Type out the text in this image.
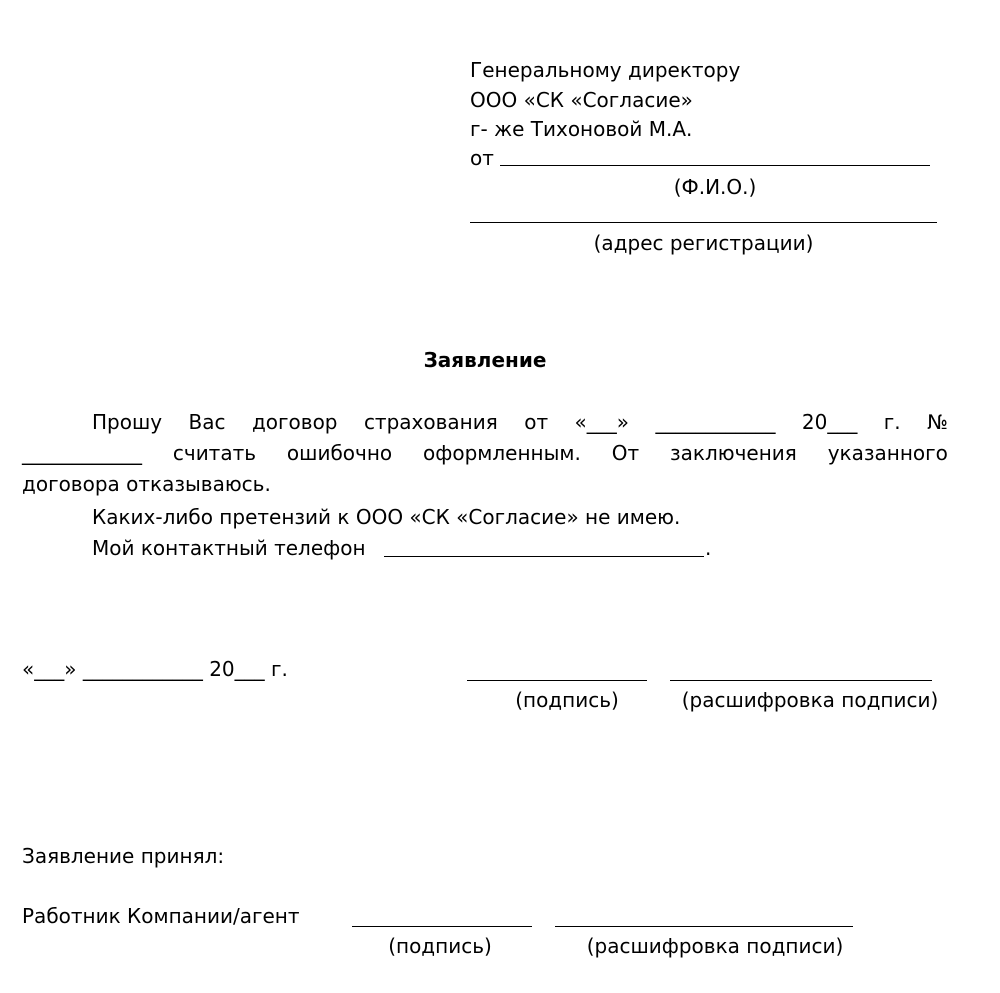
Генеральному директору
ООО «СК «Согласие»
г- же Тихоновой М.А.
от
(Ф.И.О.)
(адрес регистрации)
Заявление
Прошу Вас договор страхования от «___» ____________ 20___ г. №
____________ считать ошибочно оформленным. От заключения указанного
договора отказываюсь.
Каких-либо претензий к ООО «СК «Согласие» не имею.
Мой контактный телефон	.
«___» ____________ 20___ г.
(подпись)	(расшифровка подписи)
Заявление принял:
Работник Компании/агент
(подпись)	(расшифровка подписи)
